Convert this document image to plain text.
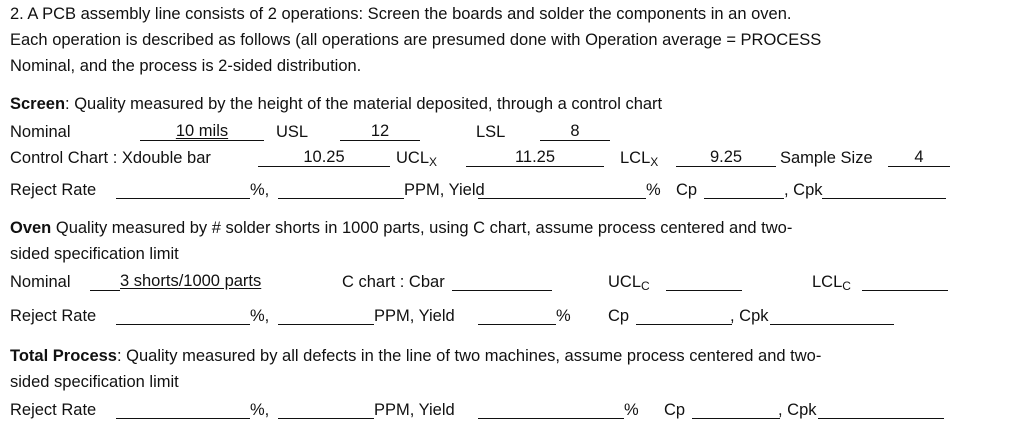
2. A PCB assembly line consists of 2 operations: Screen the boards and solder the components in an oven.
Each operation is described as follows (all operations are presumed done with Operation average = PROCESS
Nominal, and the process is 2-sided distribution.
Screen: Quality measured by the height of the material deposited, through a control chart
Nominal	10 mils	USL	12	LSL	8
Control Chart : Xdouble bar	10.25	$UCL_X$	11.25	$LCL_X$	9.25	Sample Size	4
Reject Rate	%,	PPM, Yield	% Cp	, Cpk
Oven Quality measured by # solder shorts in 1000 parts, using C chart, assume process centered and two-
sided specification limit
Nominal	3 shorts/1000 parts	C chart : Cbar	$UCL_C$	$LCL_C$
Reject Rate	%,	PPM, Yield	% Cp	, Cpk
Total Process: Quality measured by all defects in the line of two machines, assume process centered and two-
sided specification limit
Reject Rate	%,	PPM, Yield	% Cp	, Cpk
